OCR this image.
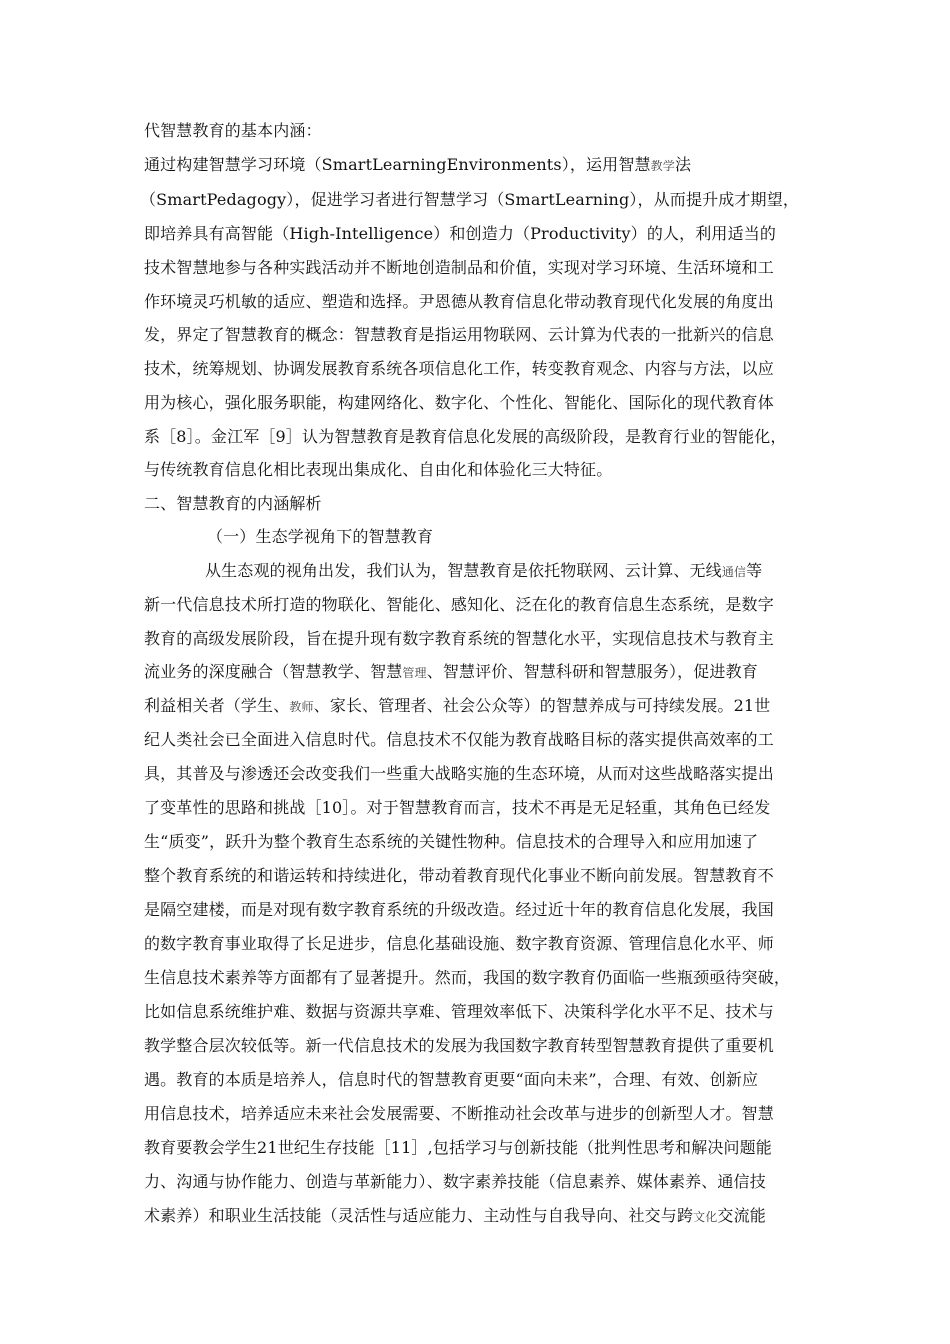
代智慧教育的基本内涵：
通过构建智慧学习环境（SmartLearningEnvironments），运用智慧教学法
（SmartPedagogy），促进学习者进行智慧学习（SmartLearning），从而提升成才期望，
即培养具有高智能（High-Intelligence）和创造力（Productivity）的人，利用适当的
技术智慧地参与各种实践活动并不断地创造制品和价值，实现对学习环境、生活环境和工
作环境灵巧机敏的适应、塑造和选择。尹恩德从教育信息化带动教育现代化发展的角度出
发，界定了智慧教育的概念：智慧教育是指运用物联网、云计算为代表的一批新兴的信息
技术，统筹规划、协调发展教育系统各项信息化工作，转变教育观念、内容与方法，以应
用为核心，强化服务职能，构建网络化、数字化、个性化、智能化、国际化的现代教育体
系［8］。金江军［9］认为智慧教育是教育信息化发展的高级阶段，是教育行业的智能化，
与传统教育信息化相比表现出集成化、自由化和体验化三大特征。
二、智慧教育的内涵解析
（一）生态学视角下的智慧教育
从生态观的视角出发，我们认为，智慧教育是依托物联网、云计算、无线通信等
新一代信息技术所打造的物联化、智能化、感知化、泛在化的教育信息生态系统，是数字
教育的高级发展阶段，旨在提升现有数字教育系统的智慧化水平，实现信息技术与教育主
流业务的深度融合（智慧教学、智慧管理、智慧评价、智慧科研和智慧服务），促进教育
利益相关者（学生、教师、家长、管理者、社会公众等）的智慧养成与可持续发展。21世
纪人类社会已全面进入信息时代。信息技术不仅能为教育战略目标的落实提供高效率的工
具，其普及与渗透还会改变我们一些重大战略实施的生态环境，从而对这些战略落实提出
了变革性的思路和挑战［10］。对于智慧教育而言，技术不再是无足轻重，其角色已经发
生“质变”，跃升为整个教育生态系统的关键性物种。信息技术的合理导入和应用加速了
整个教育系统的和谐运转和持续进化，带动着教育现代化事业不断向前发展。智慧教育不
是隔空建楼，而是对现有数字教育系统的升级改造。经过近十年的教育信息化发展，我国
的数字教育事业取得了长足进步，信息化基础设施、数字教育资源、管理信息化水平、师
生信息技术素养等方面都有了显著提升。然而，我国的数字教育仍面临一些瓶颈亟待突破，
比如信息系统维护难、数据与资源共享难、管理效率低下、决策科学化水平不足、技术与
教学整合层次较低等。新一代信息技术的发展为我国数字教育转型智慧教育提供了重要机
遇。教育的本质是培养人，信息时代的智慧教育更要“面向未来”，合理、有效、创新应
用信息技术，培养适应未来社会发展需要、不断推动社会改革与进步的创新型人才。智慧
教育要教会学生21世纪生存技能［11］,包括学习与创新技能（批判性思考和解决问题能
力、沟通与协作能力、创造与革新能力）、数字素养技能（信息素养、媒体素养、通信技
术素养）和职业生活技能（灵活性与适应能力、主动性与自我导向、社交与跨文化交流能
